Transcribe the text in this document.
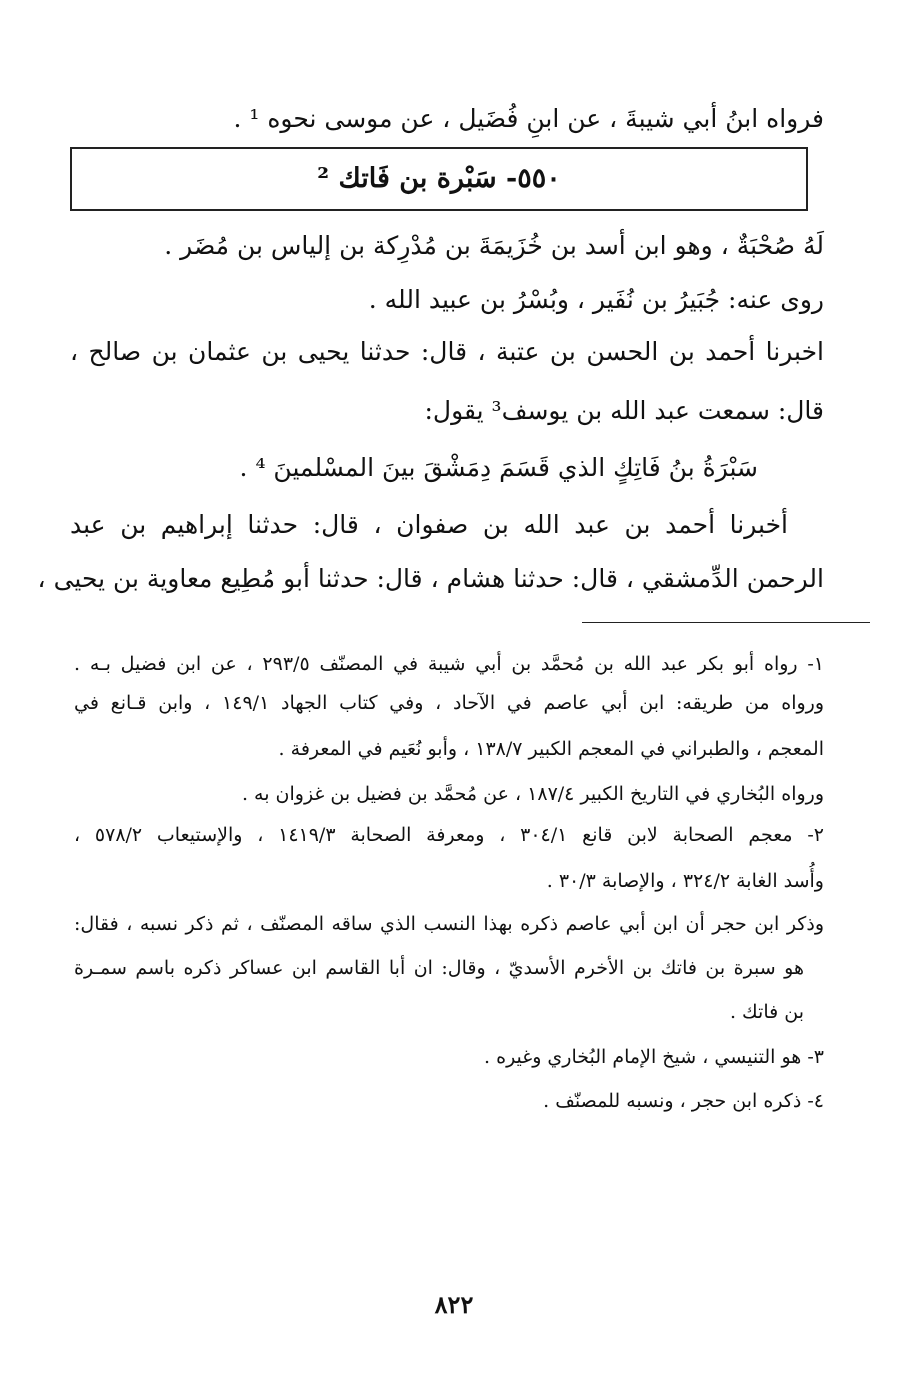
فرواه ابنُ أبي شيبةَ ، عن ابنِ فُضَيل ، عن موسى نحوه ¹ .
٥٥٠- سَبْرة بن فَاتك ²
لَهُ صُحْبَةٌ ، وهو ابن أسد بن خُزَيمَةَ بن مُدْرِكة بن إلياس بن مُضَر .
روى عنه: جُبَيرُ بن نُفَير ، وبُسْرُ بن عبيد الله .
اخبرنا أحمد بن الحسن بن عتبة ، قال: حدثنا يحيى بن عثمان بن صالح ،
قال: سمعت عبد الله بن يوسف³ يقول:
سَبْرَةُ بنُ فَاتِكٍ الذي قَسَمَ دِمَشْقَ بينَ المسْلمينَ ⁴ .
أخبرنا أحمد بن عبد الله بن صفوان ، قال: حدثنا إبراهيم بن عبد
الرحمن الدِّمشقي ، قال: حدثنا هشام ، قال: حدثنا أبو مُطِيع معاوية بن يحيى ،
١- رواه أبو بكر عبد الله بن مُحمَّد بن أبي شيبة في المصنّف ٢٩٣/٥ ، عن ابن فضيل بـه .
ورواه من طريقه: ابن أبي عاصم في الآحاد ، وفي كتاب الجهاد ١٤٩/١ ، وابن قـانع في
المعجم ، والطبراني في المعجم الكبير ١٣٨/٧ ، وأبو نُعَيم في المعرفة .
ورواه البُخاري في التاريخ الكبير ١٨٧/٤ ، عن مُحمَّد بن فضيل بن غزوان به .
٢- معجم الصحابة لابن قانع ٣٠٤/١ ، ومعرفة الصحابة ١٤١٩/٣ ، والإستيعاب ٥٧٨/٢ ،
وأُسد الغابة ٣٢٤/٢ ، والإصابة ٣٠/٣ .
وذكر ابن حجر أن ابن أبي عاصم ذكره بهذا النسب الذي ساقه المصنّف ، ثم ذكر نسبه ، فقال:
هو سبرة بن فاتك بن الأخرم الأسديّ ، وقال: ان أبا القاسم ابن عساكر ذكره باسم سمـرة
بن فاتك .
٣- هو التنيسي ، شيخ الإمام البُخاري وغيره .
٤- ذكره ابن حجر ، ونسبه للمصنّف .
٨٢٢
